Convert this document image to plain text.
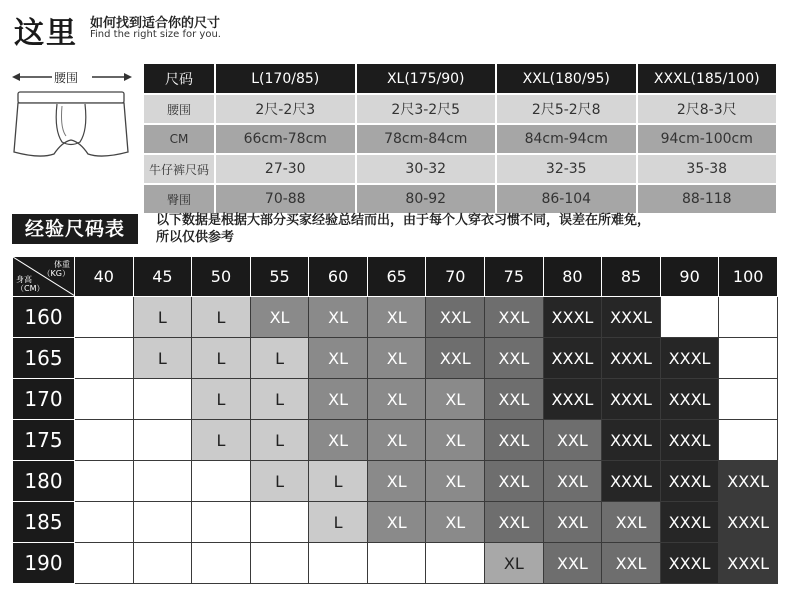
这里 如何找到适合你的尺寸
Find the right size for you.
腰围	尺码	L(170/85)	XL(175/90)	XXL(180/95)	XXXL(185/100)
腰围	2尺-2尺3	2尺3-2尺5	2尺5-2尺8	2尺8-3尺
CM	66cm-78cm	78cm-84cm	84cm-94cm	94cm-100cm
牛仔裤尺码	27-30	30-32	32-35	35-38
臀围	70-88	80-92	86-104	88-118
经验尺码表	以下数据是根据大部分买家经验总结而出，由于每个人穿衣习惯不同，误差在所难免，
所以仅供参考
体重
（KG）
身高
（CM）	40	45	50	55	60	65	70	75	80	85	90	100
160		L	L	XL	XL	XL	XXL	XXL	XXXL	XXXL		
165		L	L	L	XL	XL	XXL	XXL	XXXL	XXXL	XXXL	
170			L	L	XL	XL	XL	XXL	XXXL	XXXL	XXXL	
175			L	L	XL	XL	XL	XXL	XXL	XXXL	XXXL	
180				L	L	XL	XL	XXL	XXL	XXXL	XXXL	XXXL
185					L	XL	XL	XXL	XXL	XXL	XXXL	XXXL
190								XL	XXL	XXL	XXXL	XXXL
